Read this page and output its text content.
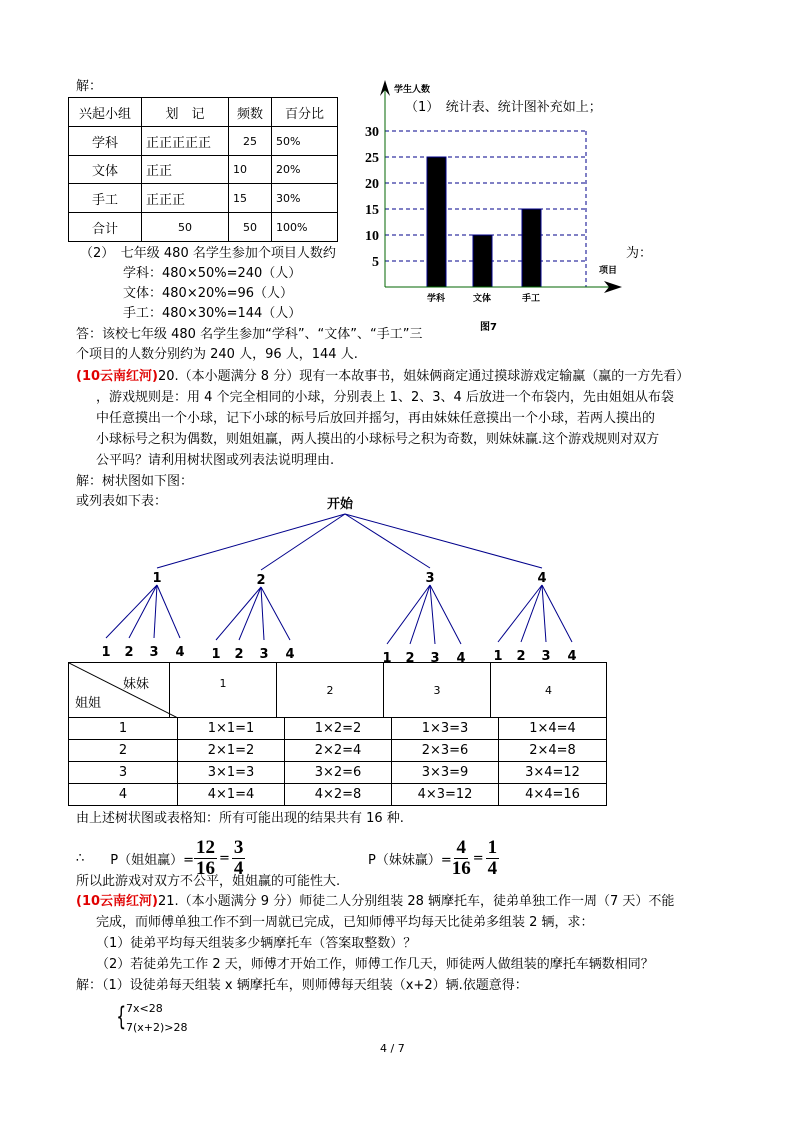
解：
兴起小组	划　记	频数	百分比
学科	正正正正正	25	50%
文体	正正	10	20%
手工	正正正	15	30%
合计	50	50	100%
5
10
15
20
25
30
学科	文体	手工
学生人数
项目
图7
（1）　统计表、统计图补充如上；
（2）　七年级 480 名学生参加个项目人数约	为：
学科：480×50%=240（人）
文体：480×20%=96（人）
手工：480×30%=144（人）
答：该校七年级 480 名学生参加“学科”、“文体”、“手工”三
个项目的人数分别约为 240 人，96 人，144 人.
(10云南红河)20.（本小题满分 8 分）现有一本故事书，姐妹俩商定通过摸球游戏定输赢（赢的一方先看）
，游戏规则是：用 4 个完全相同的小球，分别表上 1、2、3、4 后放进一个布袋内，先由姐姐从布袋
中任意摸出一个小球，记下小球的标号后放回并摇匀，再由妹妹任意摸出一个小球，若两人摸出的
小球标号之积为偶数，则姐姐赢，两人摸出的小球标号之积为奇数，则妹妹赢.这个游戏规则对双方
公平吗？请利用树状图或列表法说明理由.
解：树状图如下图：
或列表如下表：	开始
1
1 2 3 4
2
1 2 3 4
3
1 2 3 4
4
1 2 3 4
妹妹
姐姐
	1	2	3	4
1	1×1=1	1×2=2	1×3=3	1×4=4
2	2×1=2	2×2=4	2×3=6	2×4=8
3	3×1=3	3×2=6	3×3=9	3×4=12
4	4×1=4	4×2=8	4×3=12	4×4=16
由上述树状图或表格知：所有可能出现的结果共有 16 种.
∴ P（姐姐赢）= $\frac{12}{16} = \frac{3}{4}$	P（妹妹赢）= $\frac{4}{16} = \frac{1}{4}$
所以此游戏对双方不公平，姐姐赢的可能性大.
(10云南红河)21.（本小题满分 9 分）师徒二人分别组装 28 辆摩托车，徒弟单独工作一周（7 天）不能
完成，而师傅单独工作不到一周就已完成，已知师傅平均每天比徒弟多组装 2 辆，求：
（1）徒弟平均每天组装多少辆摩托车（答案取整数）？
（2）若徒弟先工作 2 天，师傅才开始工作，师傅工作几天，师徒两人做组装的摩托车辆数相同？
解：（1）设徒弟每天组装 x 辆摩托车，则师傅每天组装（x+2）辆.依题意得：
{ 7x<28
7(x+2)>28
4 / 7
